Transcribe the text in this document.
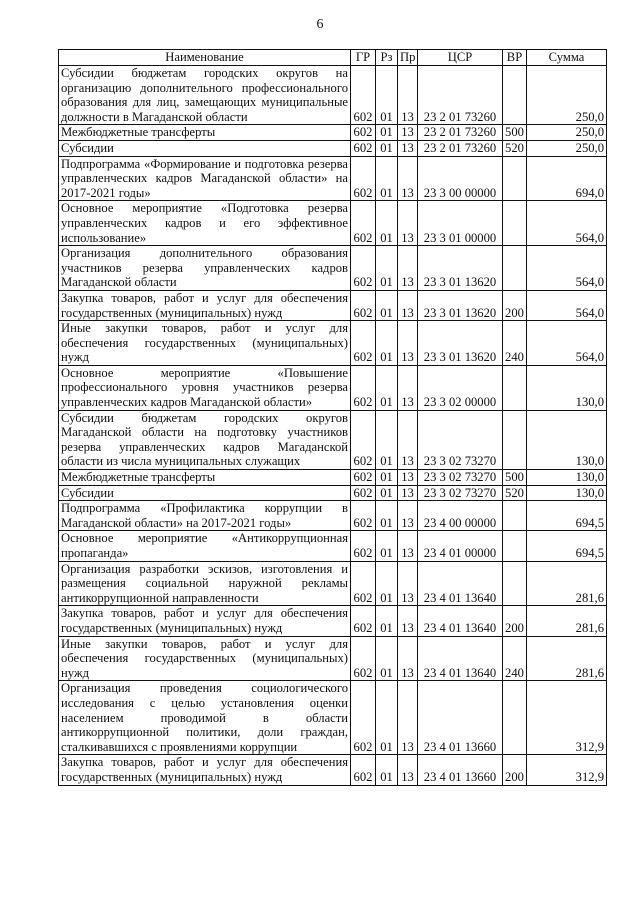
6
Наименование	ГР	Рз	Пр	ЦСР	ВР	Сумма
Субсидии бюджетам городских округов на организацию дополнительного профессионального образования для лиц, замещающих муниципальные должности в Магаданской области	602	01	13	23 2 01 73260		250,0
Межбюджетные трансферты	602	01	13	23 2 01 73260	500	250,0
Субсидии	602	01	13	23 2 01 73260	520	250,0
Подпрограмма «Формирование и подготовка резерва управленческих кадров Магаданской области» на 2017-2021 годы»	602	01	13	23 3 00 00000		694,0
Основное мероприятие «Подготовка резерва управленческих кадров и его эффективное использование»	602	01	13	23 3 01 00000		564,0
Организация дополнительного образования участников резерва управленческих кадров Магаданской области	602	01	13	23 3 01 13620		564,0
Закупка товаров, работ и услуг для обеспечения государственных (муниципальных) нужд	602	01	13	23 3 01 13620	200	564,0
Иные закупки товаров, работ и услуг для обеспечения государственных (муниципальных) нужд	602	01	13	23 3 01 13620	240	564,0
Основное мероприятие «Повышение профессионального уровня участников резерва управленческих кадров Магаданской области»	602	01	13	23 3 02 00000		130,0
Субсидии бюджетам городских округов Магаданской области на подготовку участников резерва управленческих кадров Магаданской области из числа муниципальных служащих	602	01	13	23 3 02 73270		130,0
Межбюджетные трансферты	602	01	13	23 3 02 73270	500	130,0
Субсидии	602	01	13	23 3 02 73270	520	130,0
Подпрограмма «Профилактика коррупции в Магаданской области» на 2017-2021 годы»	602	01	13	23 4 00 00000		694,5
Основное мероприятие «Антикоррупционная пропаганда»	602	01	13	23 4 01 00000		694,5
Организация разработки эскизов, изготовления и размещения социальной наружной рекламы антикоррупционной направленности	602	01	13	23 4 01 13640		281,6
Закупка товаров, работ и услуг для обеспечения государственных (муниципальных) нужд	602	01	13	23 4 01 13640	200	281,6
Иные закупки товаров, работ и услуг для обеспечения государственных (муниципальных) нужд	602	01	13	23 4 01 13640	240	281,6
Организация проведения социологического исследования с целью установления оценки населением проводимой в области антикоррупционной политики, доли граждан, сталкивавшихся с проявлениями коррупции	602	01	13	23 4 01 13660		312,9
Закупка товаров, работ и услуг для обеспечения государственных (муниципальных) нужд	602	01	13	23 4 01 13660	200	312,9
